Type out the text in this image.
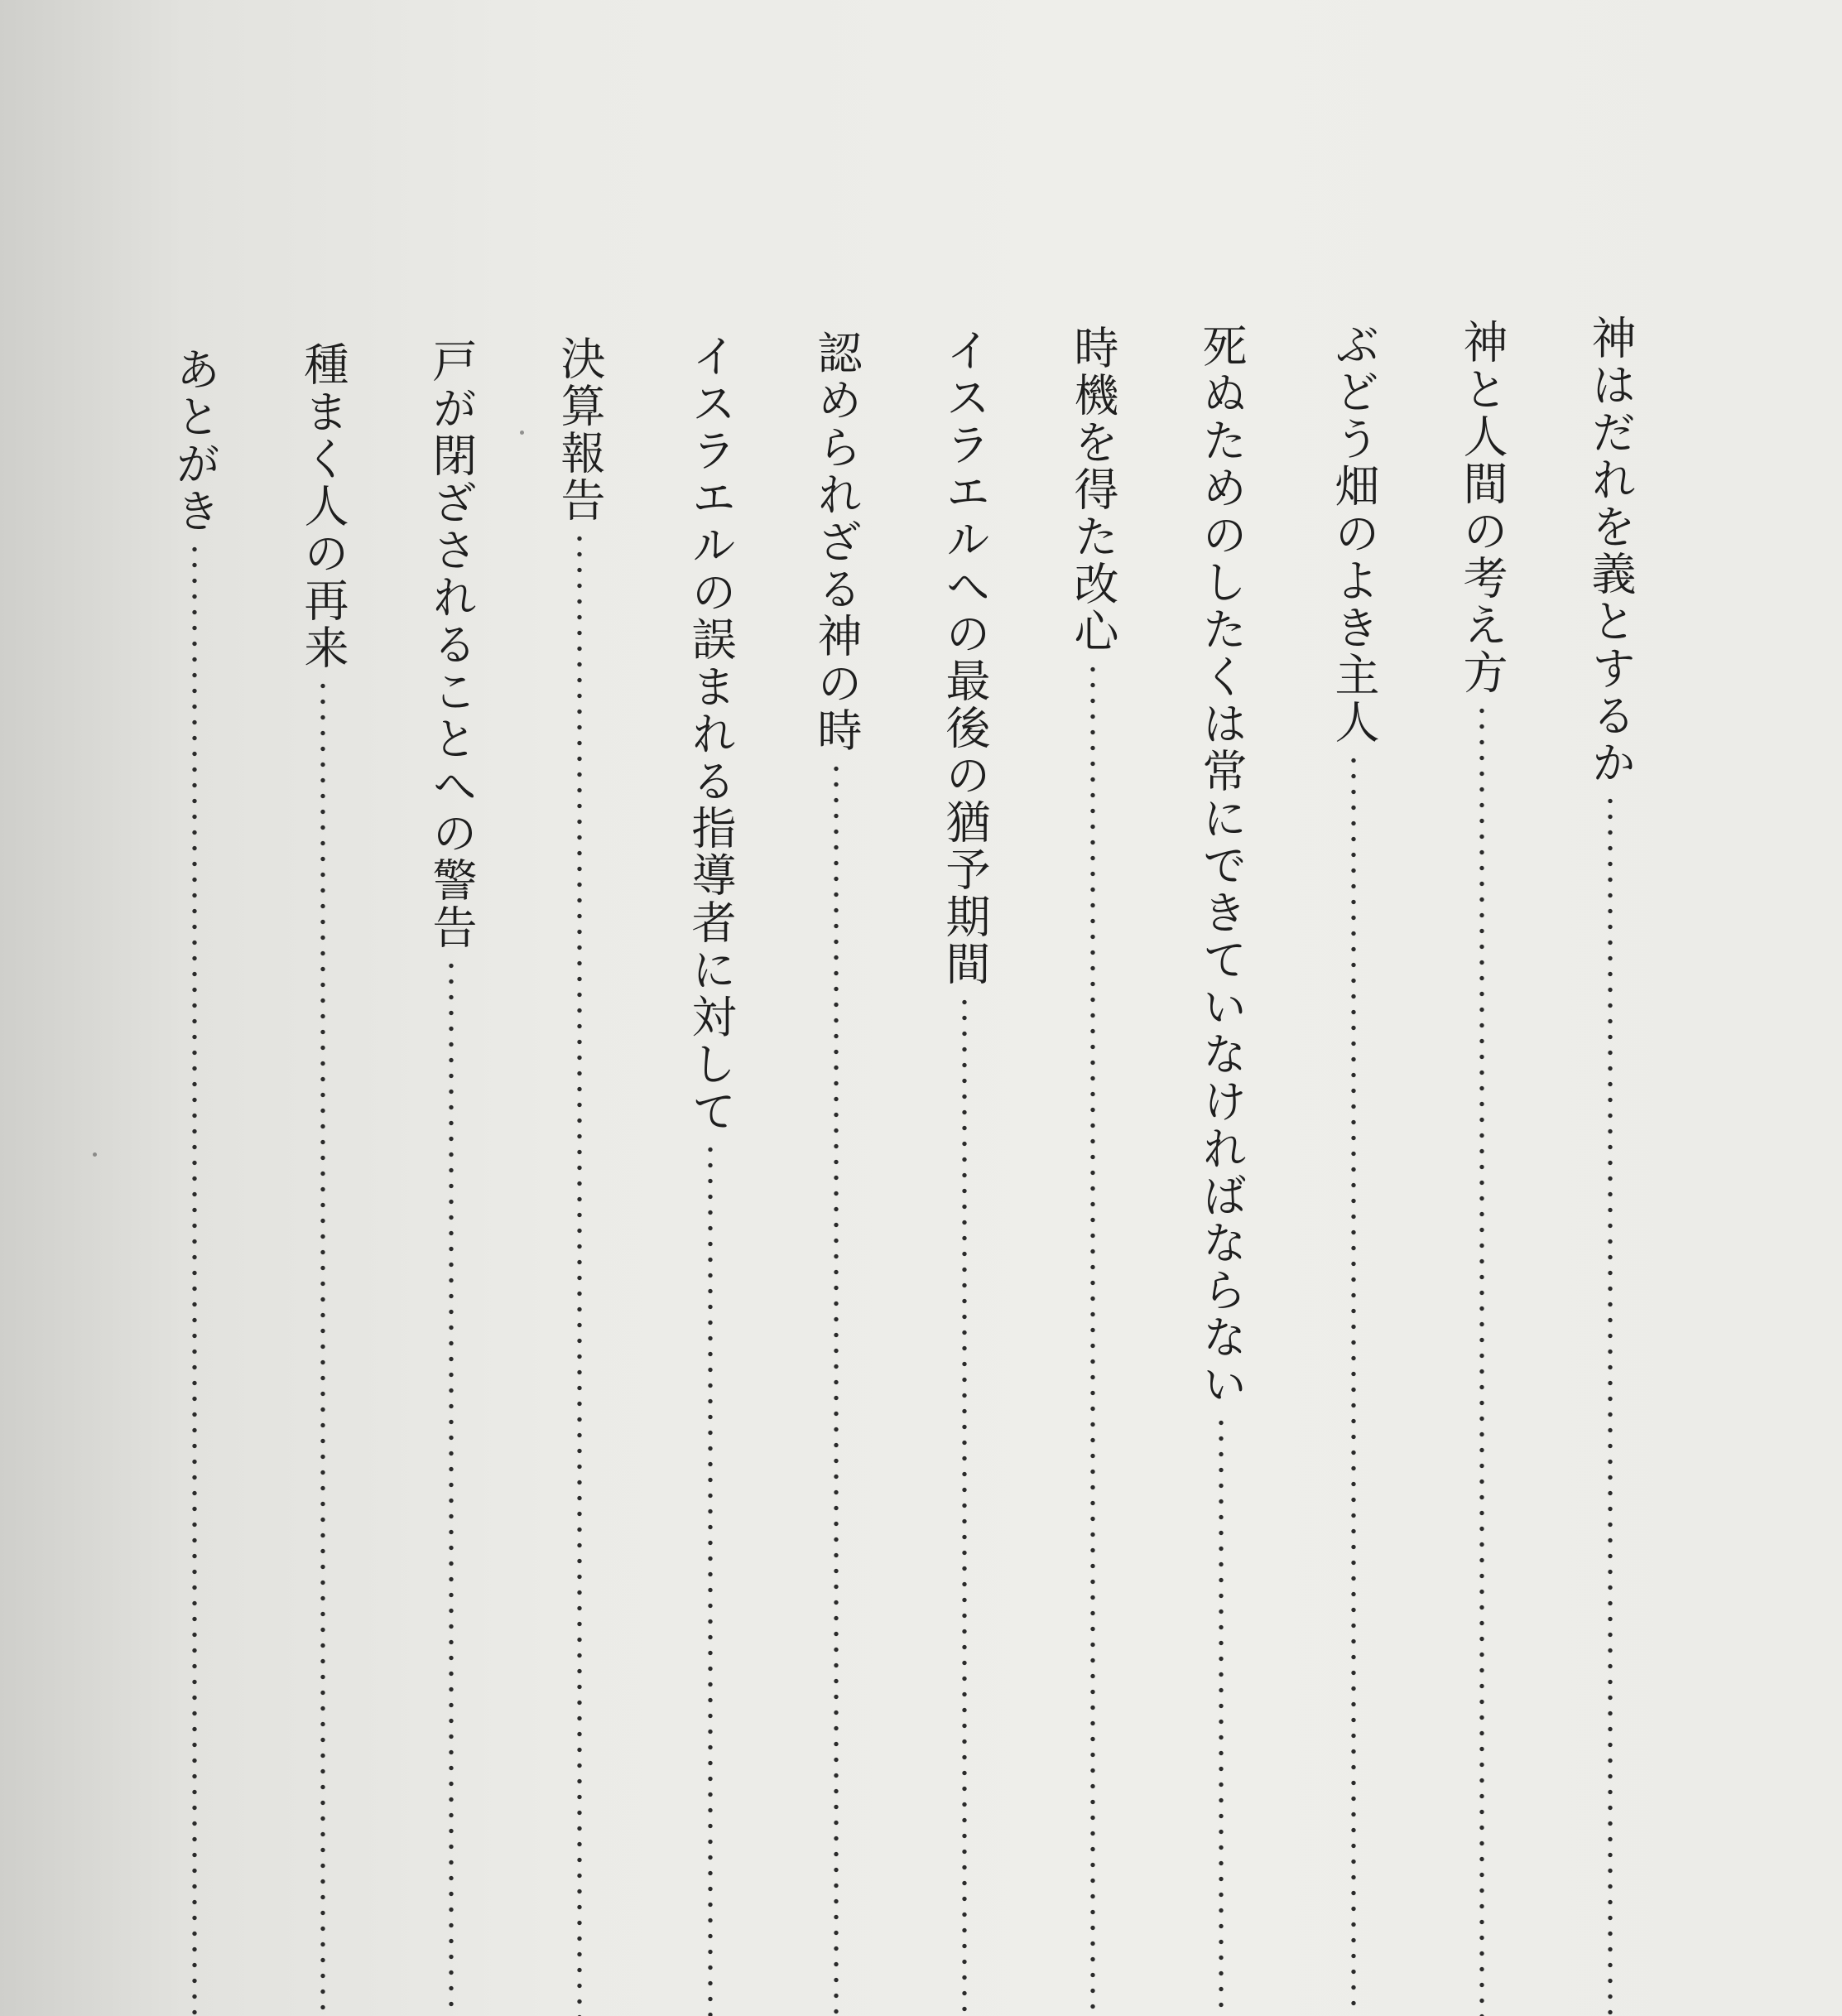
神はだれを義とするか
神と人間の考え方
ぶどう畑のよき主人
死ぬためのしたくは常にできていなければならない
時機を得た改心
イスラエルへの最後の猶予期間
認められざる神の時
イスラエルの誤まれる指導者に対して
決算報告
戸が閉ざされることへの警告
種まく人の再来
あとがき
